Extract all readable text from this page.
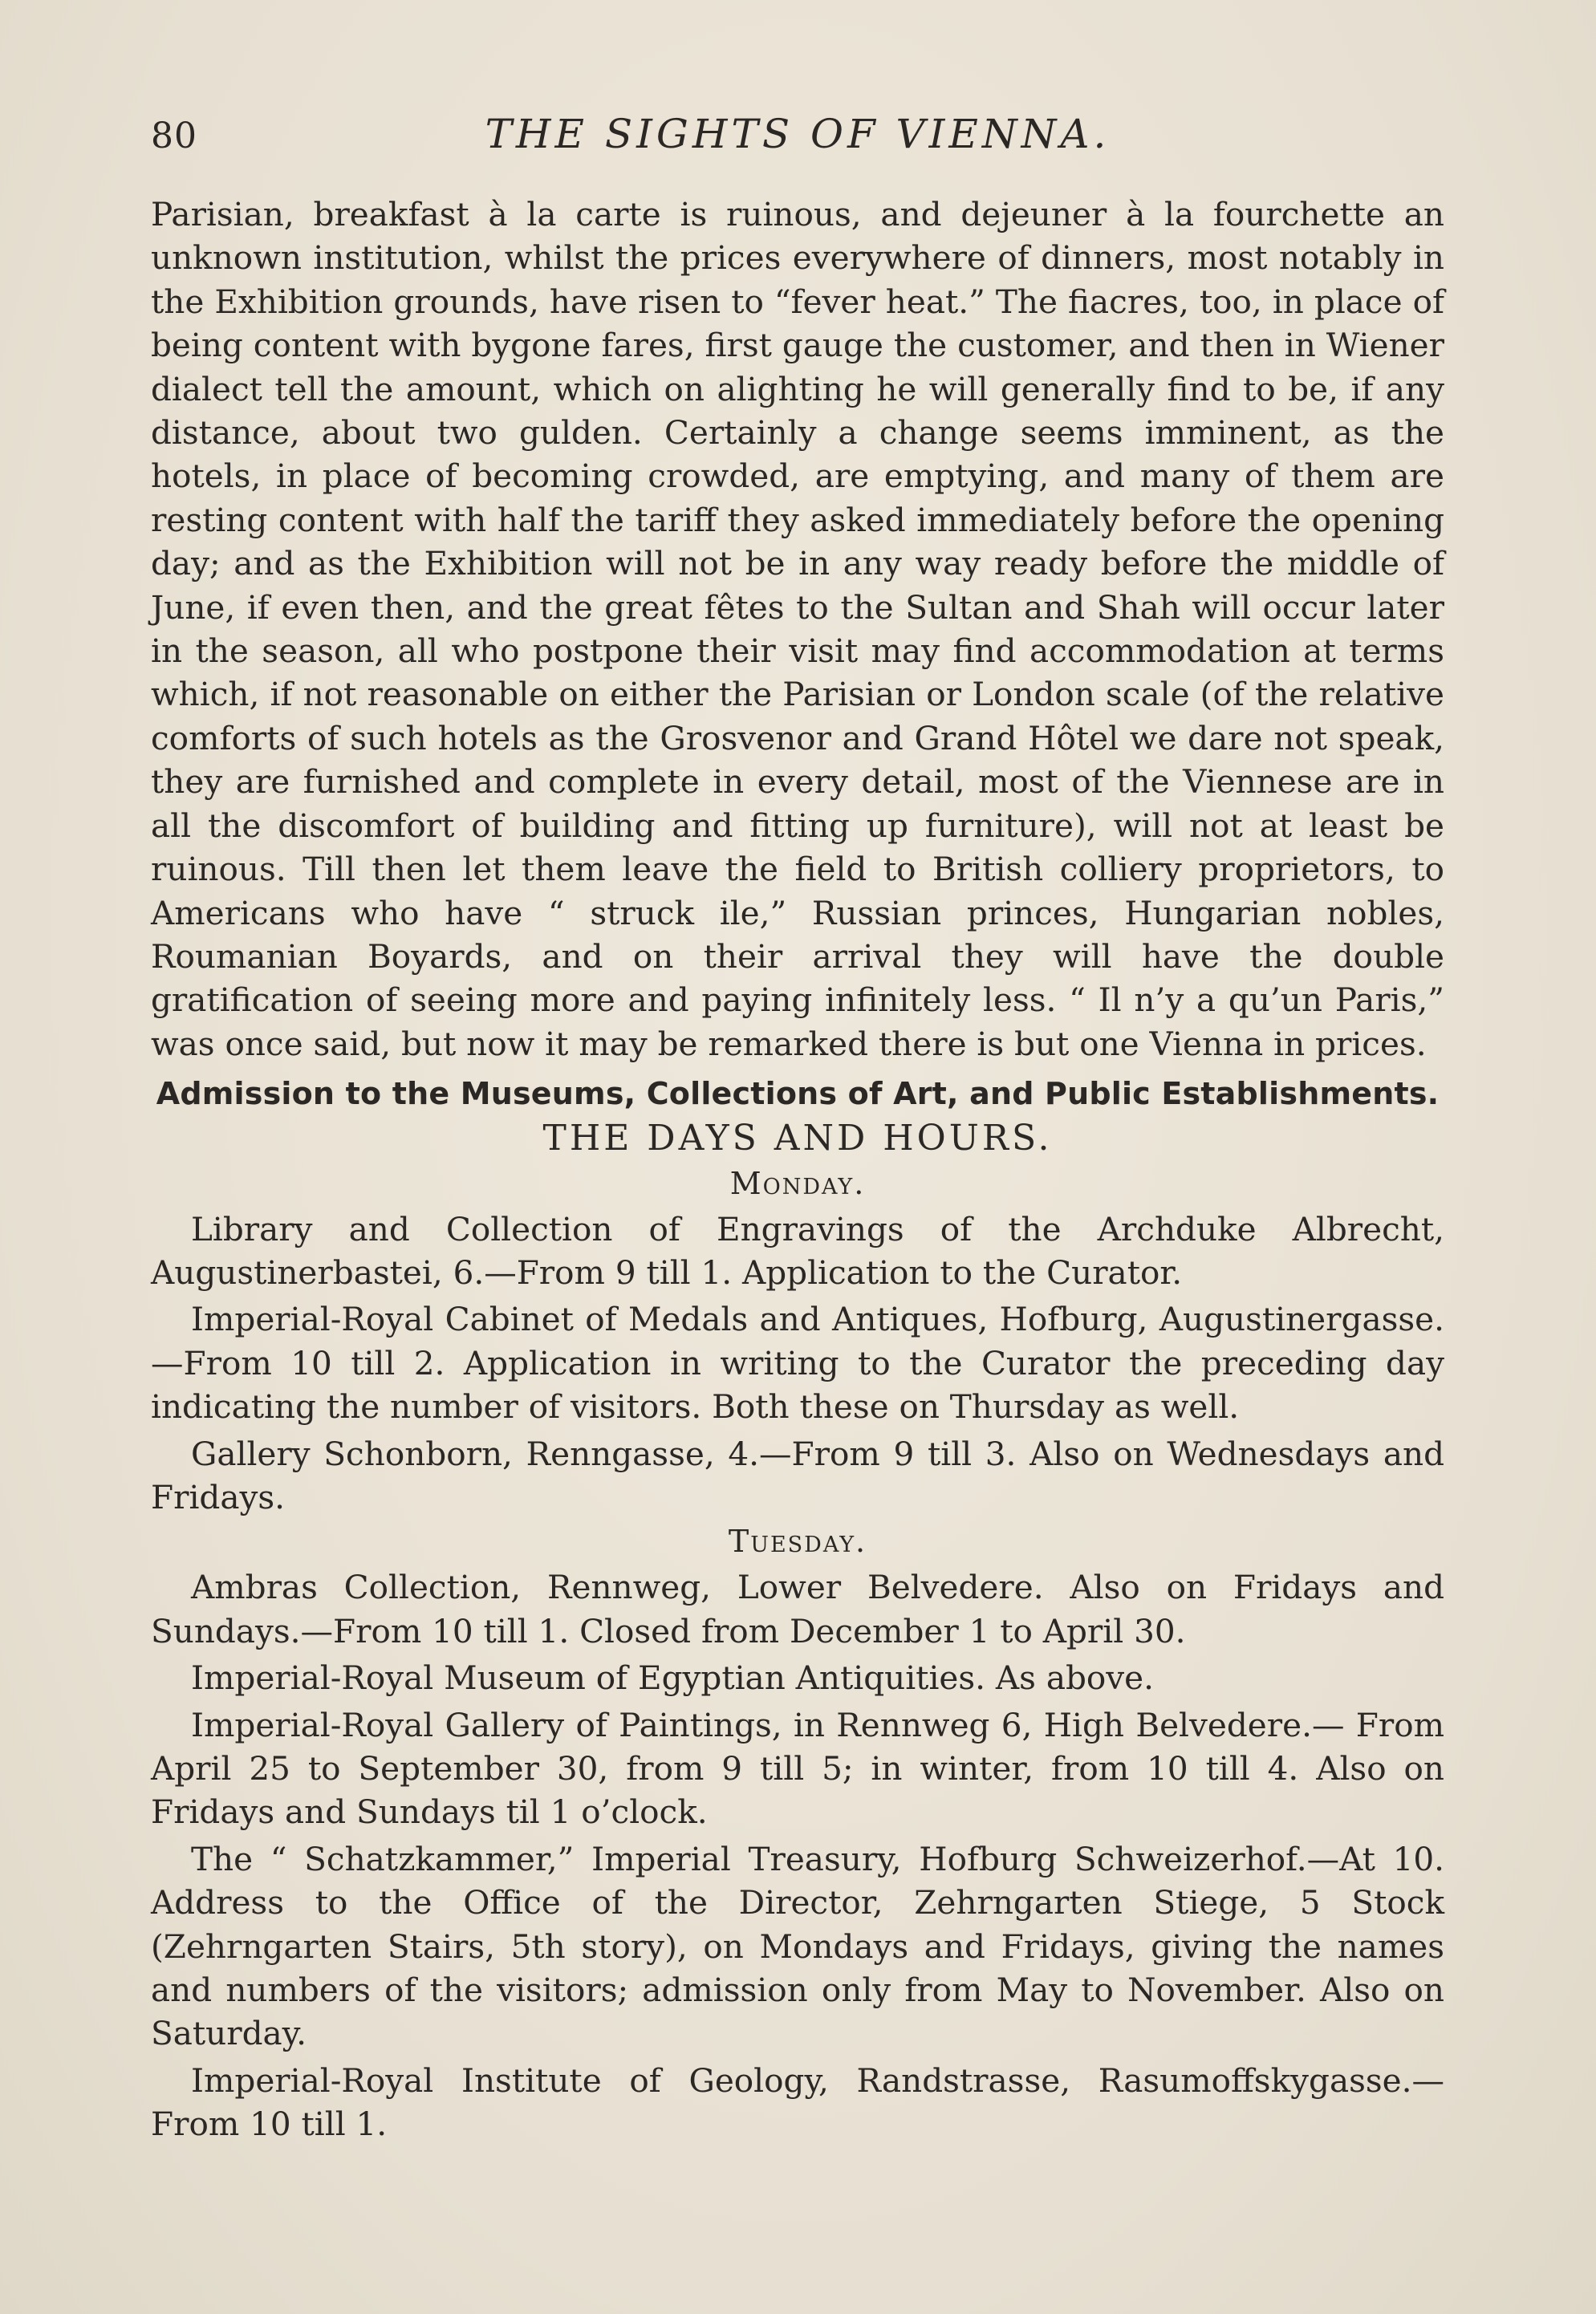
80	THE SIGHTS OF VIENNA.

Parisian, breakfast à la carte is ruinous, and dejeuner à la fourchette an unknown institution, whilst the prices everywhere of dinners, most notably in the Exhibition grounds, have risen to “fever heat.” The fiacres, too, in place of being content with bygone fares, first gauge the customer, and then in Wiener dialect tell the amount, which on alighting he will generally find to be, if any distance, about two gulden. Certainly a change seems imminent, as the hotels, in place of becoming crowded, are emptying, and many of them are resting content with half the tariff they asked immediately before the opening day; and as the Exhibition will not be in any way ready before the middle of June, if even then, and the great fêtes to the Sultan and Shah will occur later in the season, all who postpone their visit may find accommodation at terms which, if not reasonable on either the Parisian or London scale (of the relative comforts of such hotels as the Grosvenor and Grand Hôtel we dare not speak, they are furnished and complete in every detail, most of the Viennese are in all the discomfort of building and fitting up furniture), will not at least be ruinous. Till then let them leave the field to British colliery proprietors, to Americans who have “ struck ile,” Russian princes, Hungarian nobles, Roumanian Boyards, and on their arrival they will have the double gratification of seeing more and paying infinitely less. “ Il n’y a qu’un Paris,” was once said, but now it may be remarked there is but one Vienna in prices.

Admission to the Museums, Collections of Art, and Public Establishments.
THE DAYS AND HOURS.
Monday.

Library and Collection of Engravings of the Archduke Albrecht, Augustinerbastei, 6.—From 9 till 1. Application to the Curator.

Imperial-Royal Cabinet of Medals and Antiques, Hofburg, Augustinergasse. —From 10 till 2. Application in writing to the Curator the preceding day indicating the number of visitors. Both these on Thursday as well.

Gallery Schonborn, Renngasse, 4.—From 9 till 3. Also on Wednesdays and Fridays.

Tuesday.

Ambras Collection, Rennweg, Lower Belvedere. Also on Fridays and Sundays.—From 10 till 1. Closed from December 1 to April 30.

Imperial-Royal Museum of Egyptian Antiquities. As above.

Imperial-Royal Gallery of Paintings, in Rennweg 6, High Belvedere.— From April 25 to September 30, from 9 till 5; in winter, from 10 till 4. Also on Fridays and Sundays til 1 o’clock.

The “ Schatzkammer,” Imperial Treasury, Hofburg Schweizerhof.—At 10. Address to the Office of the Director, Zehrngarten Stiege, 5 Stock (Zehrngarten Stairs, 5th story), on Mondays and Fridays, giving the names and numbers of the visitors; admission only from May to November. Also on Saturday.

Imperial-Royal Institute of Geology, Randstrasse, Rasumoffskygasse.— From 10 till 1.
